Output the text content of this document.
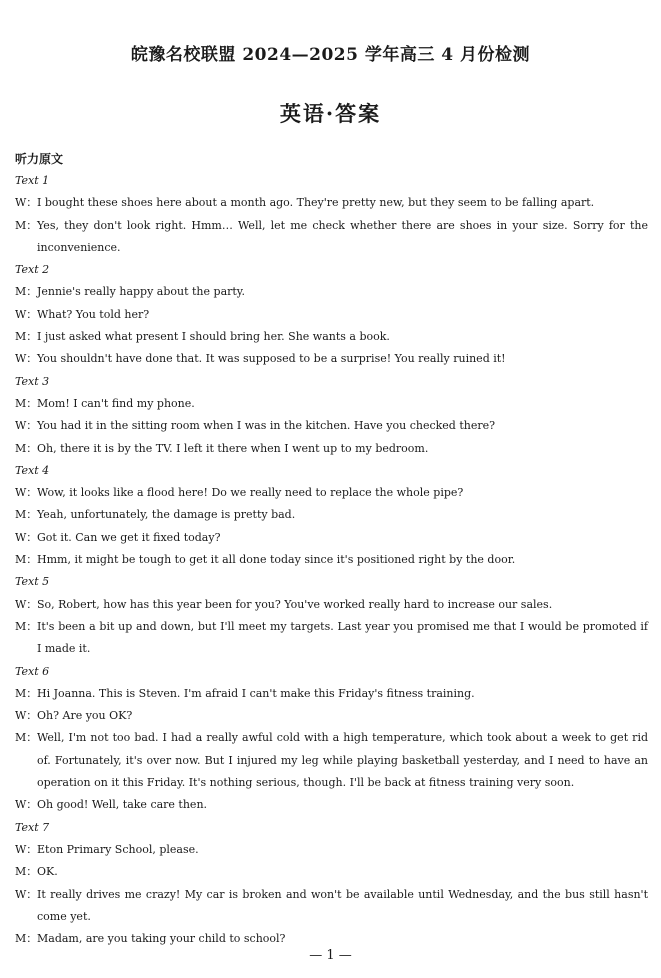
皖豫名校联盟 2024—2025 学年高三 4 月份检测
英语·答案
听力原文
Text 1
W： I bought these shoes here about a month ago. They're pretty new, but they seem to be falling apart.
M： Yes, they don't look right. Hmm… Well, let me check whether there are shoes in your size. Sorry for the inconvenience.
Text 2
M： Jennie's really happy about the party.
W： What? You told her?
M： I just asked what present I should bring her. She wants a book.
W： You shouldn't have done that. It was supposed to be a surprise! You really ruined it!
Text 3
M： Mom! I can't find my phone.
W： You had it in the sitting room when I was in the kitchen. Have you checked there?
M： Oh, there it is by the TV. I left it there when I went up to my bedroom.
Text 4
W： Wow, it looks like a flood here! Do we really need to replace the whole pipe?
M： Yeah, unfortunately, the damage is pretty bad.
W： Got it. Can we get it fixed today?
M： Hmm, it might be tough to get it all done today since it's positioned right by the door.
Text 5
W： So, Robert, how has this year been for you? You've worked really hard to increase our sales.
M： It's been a bit up and down, but I'll meet my targets. Last year you promised me that I would be promoted if I made it.
Text 6
M： Hi Joanna. This is Steven. I'm afraid I can't make this Friday's fitness training.
W： Oh? Are you OK?
M： Well, I'm not too bad. I had a really awful cold with a high temperature, which took about a week to get rid of. Fortunately, it's over now. But I injured my leg while playing basketball yesterday, and I need to have an operation on it this Friday. It's nothing serious, though. I'll be back at fitness training very soon.
W： Oh good! Well, take care then.
Text 7
W： Eton Primary School, please.
M： OK.
W： It really drives me crazy! My car is broken and won't be available until Wednesday, and the bus still hasn't come yet.
M： Madam, are you taking your child to school?
— 1 —
